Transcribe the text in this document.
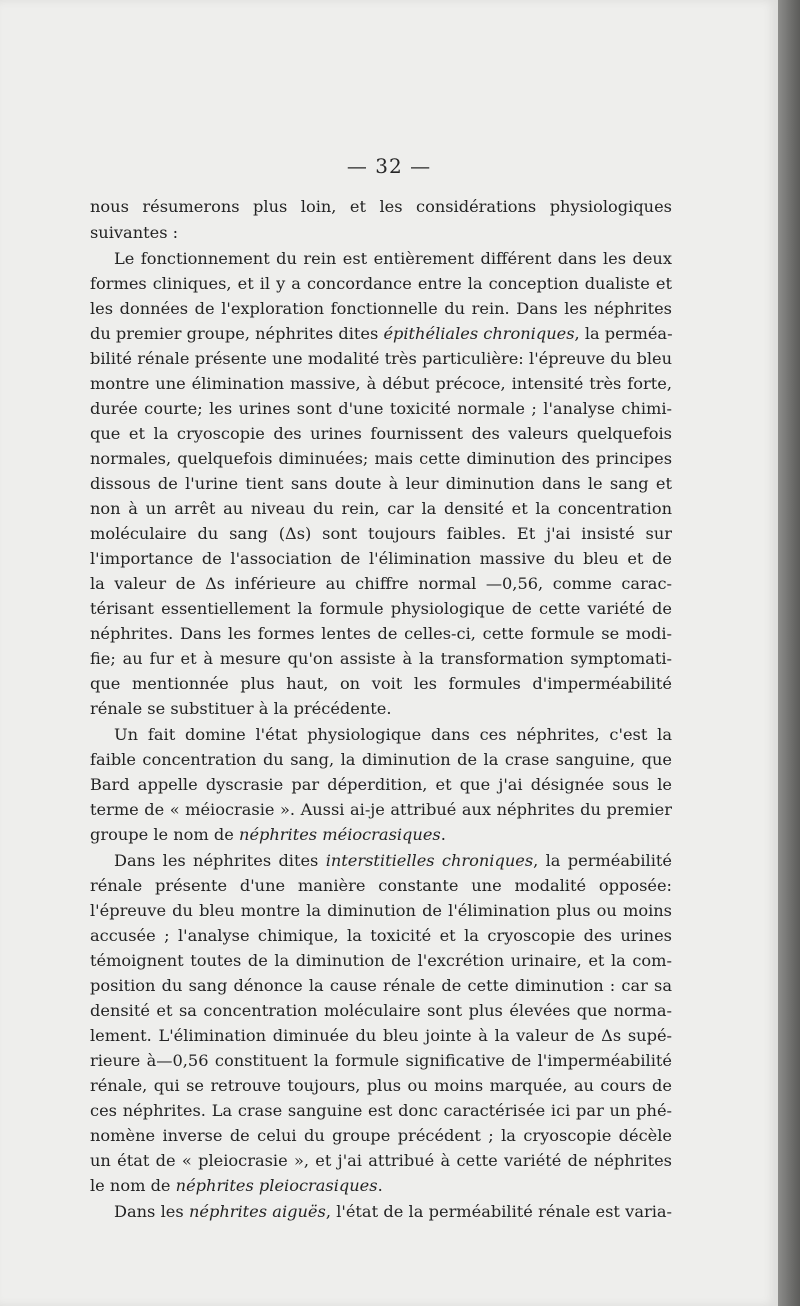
— 32 —
nous résumerons plus loin, et les considérations physiologiques
suivantes :
Le fonctionnement du rein est entièrement différent dans les deux
formes cliniques, et il y a concordance entre la conception dualiste et
les données de l'exploration fonctionnelle du rein. Dans les néphrites
du premier groupe, néphrites dites épithéliales chroniques, la perméa-
bilité rénale présente une modalité très particulière: l'épreuve du bleu
montre une élimination massive, à début précoce, intensité très forte,
durée courte; les urines sont d'une toxicité normale ; l'analyse chimi-
que et la cryoscopie des urines fournissent des valeurs quelquefois
normales, quelquefois diminuées; mais cette diminution des principes
dissous de l'urine tient sans doute à leur diminution dans le sang et
non à un arrêt au niveau du rein, car la densité et la concentration
moléculaire du sang (Δs) sont toujours faibles. Et j'ai insisté sur
l'importance de l'association de l'élimination massive du bleu et de
la valeur de Δs inférieure au chiffre normal —0,56, comme carac-
térisant essentiellement la formule physiologique de cette variété de
néphrites. Dans les formes lentes de celles-ci, cette formule se modi-
fie; au fur et à mesure qu'on assiste à la transformation symptomati-
que mentionnée plus haut, on voit les formules d'imperméabilité
rénale se substituer à la précédente.
Un fait domine l'état physiologique dans ces néphrites, c'est la
faible concentration du sang, la diminution de la crase sanguine, que
Bard appelle dyscrasie par déperdition, et que j'ai désignée sous le
terme de « méiocrasie ». Aussi ai-je attribué aux néphrites du premier
groupe le nom de néphrites méiocrasiques.
Dans les néphrites dites interstitielles chroniques, la perméabilité
rénale présente d'une manière constante une modalité opposée:
l'épreuve du bleu montre la diminution de l'élimination plus ou moins
accusée ; l'analyse chimique, la toxicité et la cryoscopie des urines
témoignent toutes de la diminution de l'excrétion urinaire, et la com-
position du sang dénonce la cause rénale de cette diminution : car sa
densité et sa concentration moléculaire sont plus élevées que norma-
lement. L'élimination diminuée du bleu jointe à la valeur de Δs supé-
rieure à—0,56 constituent la formule significative de l'imperméabilité
rénale, qui se retrouve toujours, plus ou moins marquée, au cours de
ces néphrites. La crase sanguine est donc caractérisée ici par un phé-
nomène inverse de celui du groupe précédent ; la cryoscopie décèle
un état de « pleiocrasie », et j'ai attribué à cette variété de néphrites
le nom de néphrites pleiocrasiques.
Dans les néphrites aiguës, l'état de la perméabilité rénale est varia-
